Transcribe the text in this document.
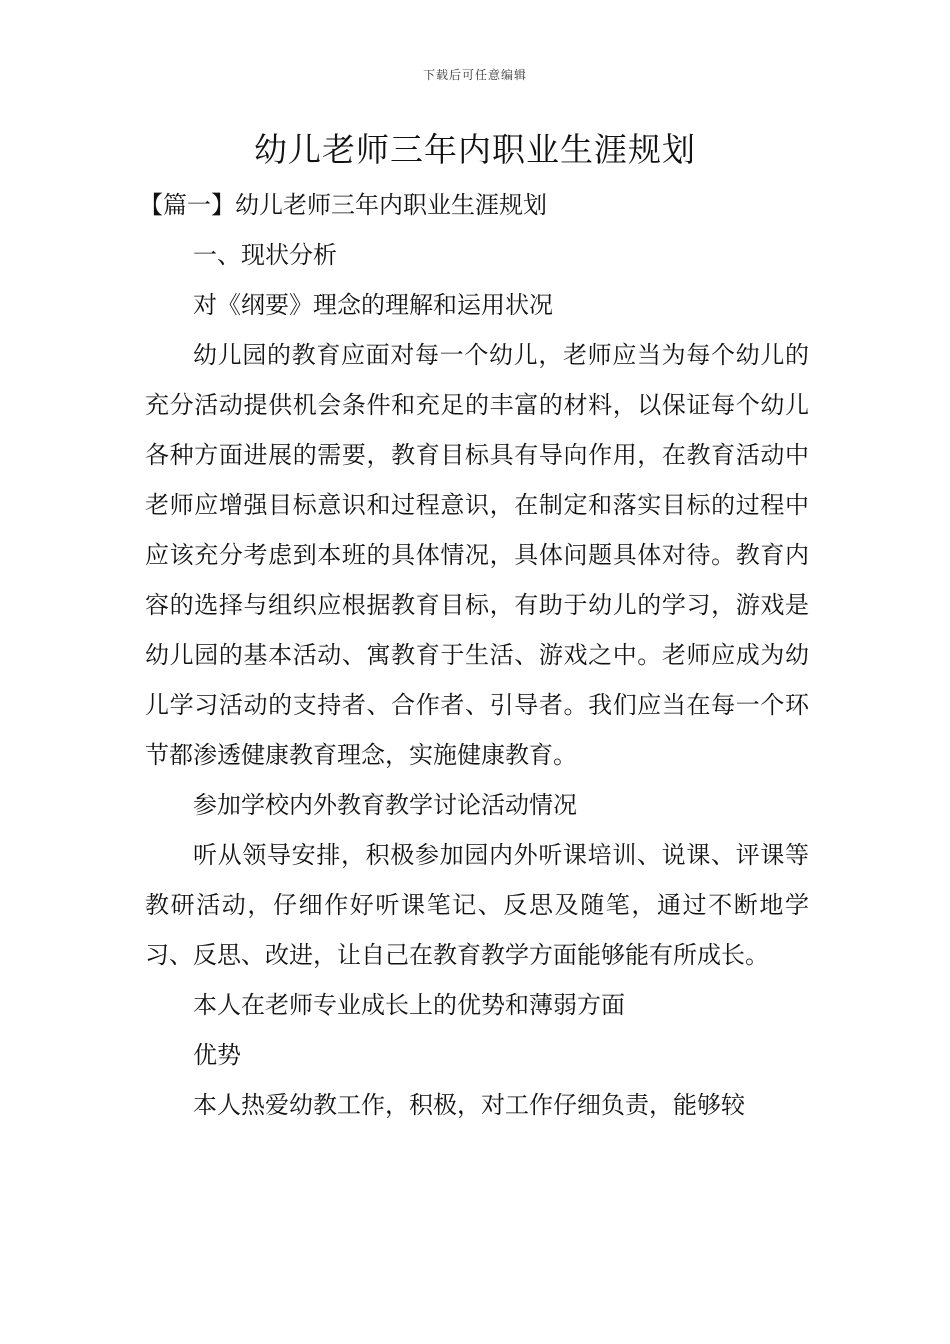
下载后可任意编辑
幼儿老师三年内职业生涯规划

【篇一】幼儿老师三年内职业生涯规划

一、现状分析

对《纲要》理念的理解和运用状况

幼儿园的教育应面对每一个幼儿，老师应当为每个幼儿的充分活动提供机会条件和充足的丰富的材料，以保证每个幼儿各种方面进展的需要，教育目标具有导向作用，在教育活动中老师应增强目标意识和过程意识，在制定和落实目标的过程中应该充分考虑到本班的具体情况，具体问题具体对待。教育内容的选择与组织应根据教育目标，有助于幼儿的学习，游戏是幼儿园的基本活动、寓教育于生活、游戏之中。老师应成为幼儿学习活动的支持者、合作者、引导者。我们应当在每一个环节都渗透健康教育理念，实施健康教育。

参加学校内外教育教学讨论活动情况

听从领导安排，积极参加园内外听课培训、说课、评课等教研活动，仔细作好听课笔记、反思及随笔，通过不断地学习、反思、改进，让自己在教育教学方面能够能有所成长。

本人在老师专业成长上的优势和薄弱方面

优势

本人热爱幼教工作，积极，对工作仔细负责，能够较
